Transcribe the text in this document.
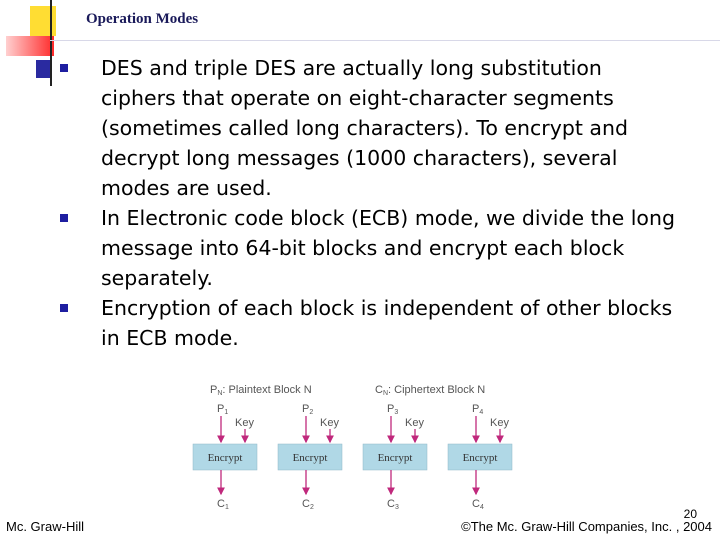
Operation Modes
DES and triple DES are actually long substitution ciphers that operate on eight-character segments (sometimes called long characters). To encrypt and decrypt long messages (1000 characters), several modes are used.
In Electronic code block (ECB) mode, we divide the long message into 64-bit blocks and encrypt each block separately.
Encryption of each block is independent of other blocks in ECB mode.
PN: Plaintext Block N	CN: Ciphertext Block N
P1
Key
Encrypt
C1
P2
Key
Encrypt
C2
P3
Key
Encrypt
C3
P4
Key
Encrypt
C4	20
Mc. Graw-Hill	©The Mc. Graw-Hill Companies, Inc. , 2004
